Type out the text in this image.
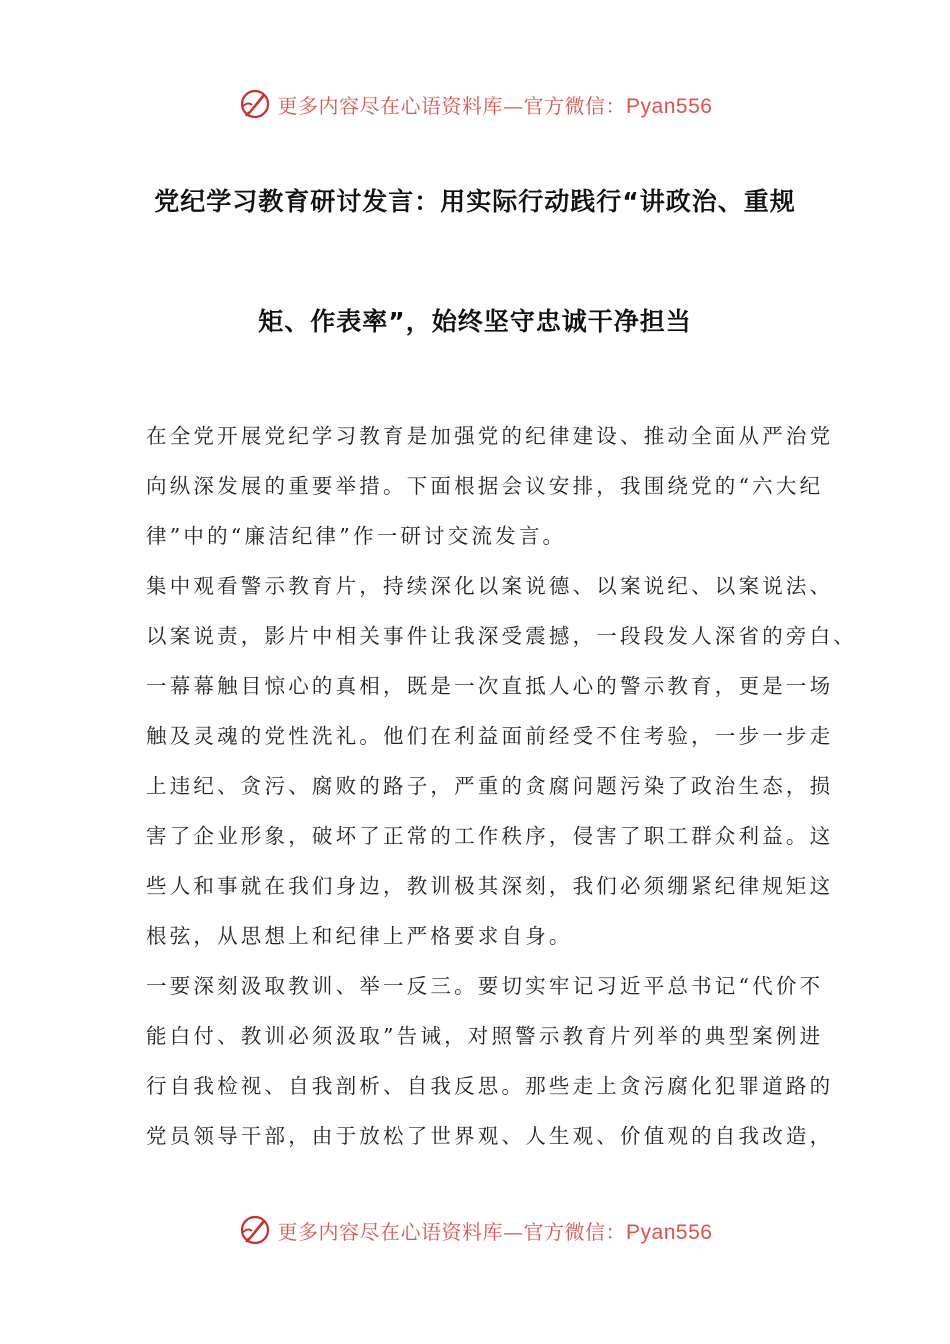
更多内容尽在心语资料库—官方微信：Pyan556
党纪学习教育研讨发言：用实际行动践行“讲政治、重规
矩、作表率”，始终坚守忠诚干净担当
在全党开展党纪学习教育是加强党的纪律建设、推动全面从严治党
向纵深发展的重要举措。下面根据会议安排，我围绕党的“六大纪
律”中的“廉洁纪律”作一研讨交流发言。
集中观看警示教育片，持续深化以案说德、以案说纪、以案说法、
以案说责，影片中相关事件让我深受震撼，一段段发人深省的旁白、
一幕幕触目惊心的真相，既是一次直抵人心的警示教育，更是一场
触及灵魂的党性洗礼。他们在利益面前经受不住考验，一步一步走
上违纪、贪污、腐败的路子，严重的贪腐问题污染了政治生态，损
害了企业形象，破坏了正常的工作秩序，侵害了职工群众利益。这
些人和事就在我们身边，教训极其深刻，我们必须绷紧纪律规矩这
根弦，从思想上和纪律上严格要求自身。
一要深刻汲取教训、举一反三。要切实牢记习近平总书记“代价不
能白付、教训必须汲取”告诫，对照警示教育片列举的典型案例进
行自我检视、自我剖析、自我反思。那些走上贪污腐化犯罪道路的
党员领导干部，由于放松了世界观、人生观、价值观的自我改造，
更多内容尽在心语资料库—官方微信：Pyan556
